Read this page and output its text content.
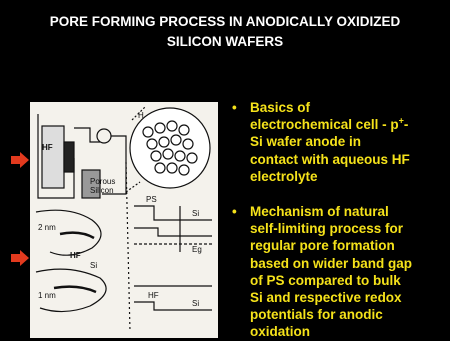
PORE FORMING PROCESS IN ANODICALLY OXIDIZED
SILICON WAFERS
HF
Porous
Silicon
H
PS
Si
Eg
Si
HF
HF
Si
2 nm
1 nm
• Basics of
electrochemical cell - p+-
Si wafer anode in
contact with aqueous HF
electrolyte
• Mechanism of natural
self-limiting process for
regular pore formation
based on wider band gap
of PS compared to bulk
Si and respective redox
potentials for anodic
oxidation
